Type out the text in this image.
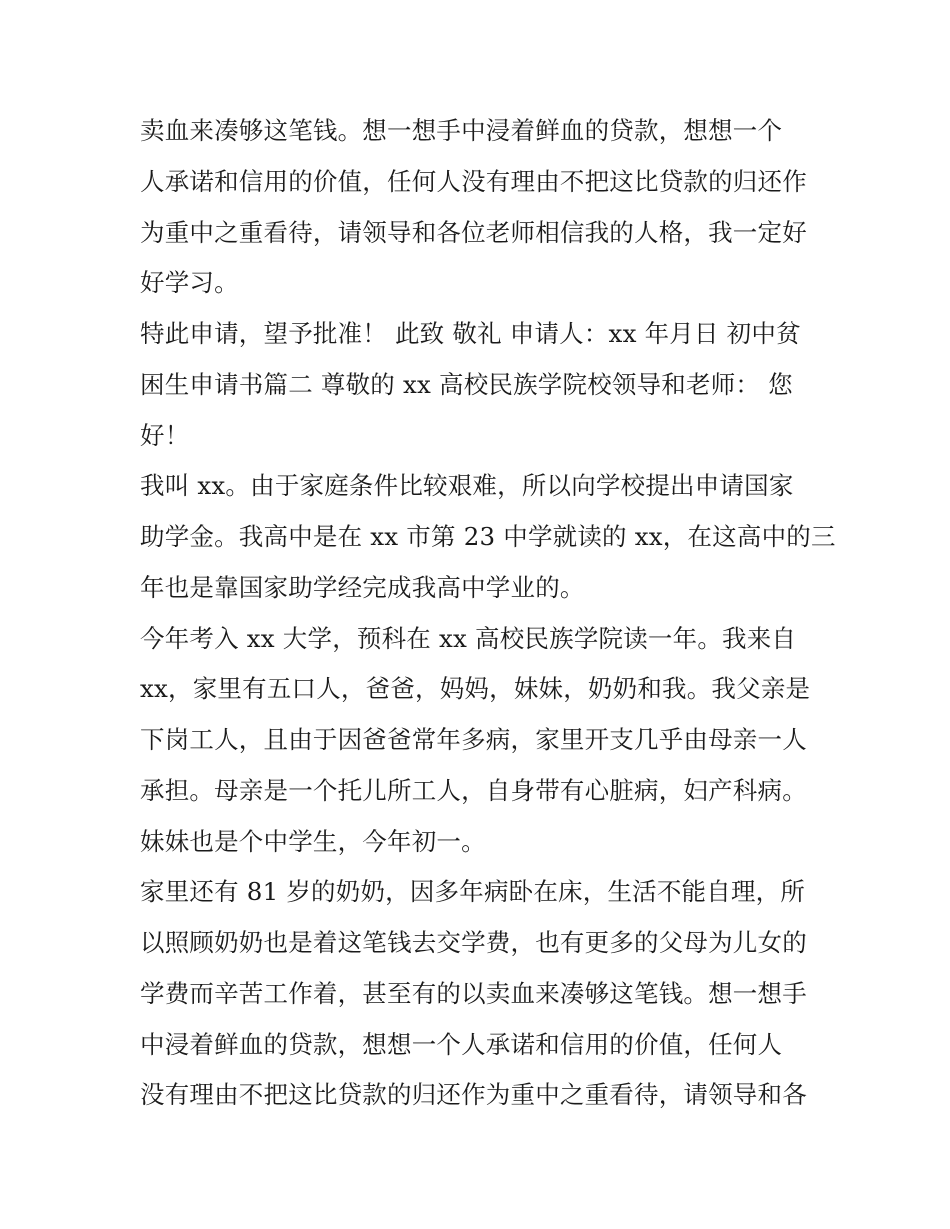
卖血来凑够这笔钱。想一想手中浸着鲜血的贷款，想想一个
人承诺和信用的价值，任何人没有理由不把这比贷款的归还作
为重中之重看待，请领导和各位老师相信我的人格，我一定好
好学习。
特此申请，望予批准！ 此致 敬礼 申请人：xx 年月日 初中贫
困生申请书篇二 尊敬的 xx 高校民族学院校领导和老师： 您
好！
我叫 xx。由于家庭条件比较艰难，所以向学校提出申请国家
助学金。我高中是在 xx 市第 23 中学就读的 xx，在这高中的三
年也是靠国家助学经完成我高中学业的。
今年考入 xx 大学，预科在 xx 高校民族学院读一年。我来自
xx，家里有五口人，爸爸，妈妈，妹妹，奶奶和我。我父亲是
下岗工人，且由于因爸爸常年多病，家里开支几乎由母亲一人
承担。母亲是一个托儿所工人，自身带有心脏病，妇产科病。
妹妹也是个中学生，今年初一。
家里还有 81 岁的奶奶，因多年病卧在床，生活不能自理，所
以照顾奶奶也是着这笔钱去交学费，也有更多的父母为儿女的
学费而辛苦工作着，甚至有的以卖血来凑够这笔钱。想一想手
中浸着鲜血的贷款，想想一个人承诺和信用的价值，任何人
没有理由不把这比贷款的归还作为重中之重看待，请领导和各
